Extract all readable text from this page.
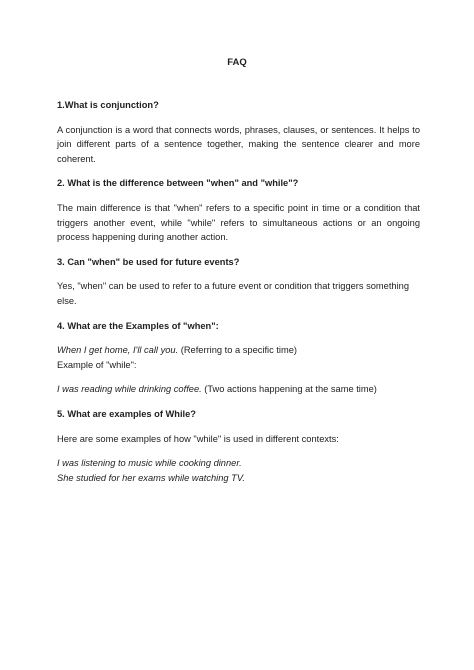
FAQ

1.What is conjunction?

A conjunction is a word that connects words, phrases, clauses, or sentences. It helps to join different parts of a sentence together, making the sentence clearer and more coherent.

2. What is the difference between "when" and "while"?

The main difference is that "when" refers to a specific point in time or a condition that triggers another event, while "while" refers to simultaneous actions or an ongoing process happening during another action.

3. Can "when" be used for future events?

Yes, "when" can be used to refer to a future event or condition that triggers something else.

4. What are the Examples of "when":

When I get home, I'll call you. (Referring to a specific time)

Example of "while":

I was reading while drinking coffee. (Two actions happening at the same time)

5. What are examples of While?

Here are some examples of how "while" is used in different contexts:

I was listening to music while cooking dinner.

She studied for her exams while watching TV.
